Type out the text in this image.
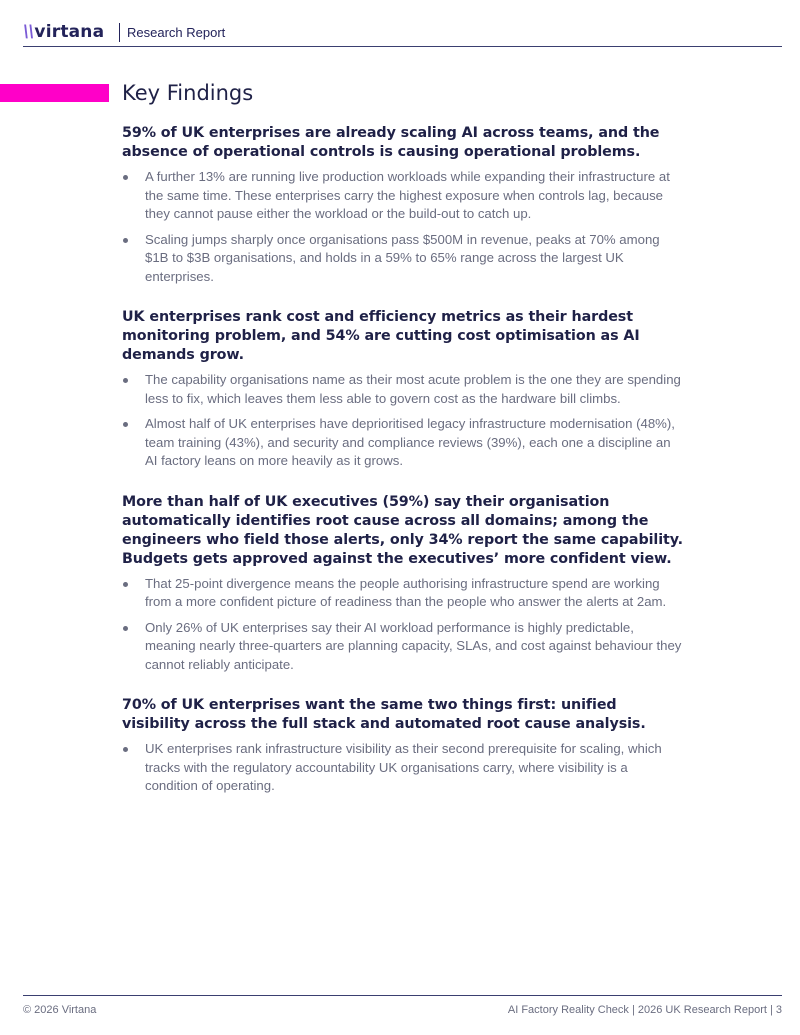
\\virtana Research Report
Key Findings
59% of UK enterprises are already scaling AI across teams, and the absence of operational controls is causing operational problems.
A further 13% are running live production workloads while expanding their infrastructure at the same time. These enterprises carry the highest exposure when controls lag, because they cannot pause either the workload or the build-out to catch up.
Scaling jumps sharply once organisations pass $500M in revenue, peaks at 70% among $1B to $3B organisations, and holds in a 59% to 65% range across the largest UK enterprises.
UK enterprises rank cost and efficiency metrics as their hardest monitoring problem, and 54% are cutting cost optimisation as AI demands grow.
The capability organisations name as their most acute problem is the one they are spending less to fix, which leaves them less able to govern cost as the hardware bill climbs.
Almost half of UK enterprises have deprioritised legacy infrastructure modernisation (48%), team training (43%), and security and compliance reviews (39%), each one a discipline an AI factory leans on more heavily as it grows.
More than half of UK executives (59%) say their organisation automatically identifies root cause across all domains; among the engineers who field those alerts, only 34% report the same capability. Budgets gets approved against the executives’ more confident view.
That 25-point divergence means the people authorising infrastructure spend are working from a more confident picture of readiness than the people who answer the alerts at 2am.
Only 26% of UK enterprises say their AI workload performance is highly predictable, meaning nearly three-quarters are planning capacity, SLAs, and cost against behaviour they cannot reliably anticipate.
70% of UK enterprises want the same two things first: unified visibility across the full stack and automated root cause analysis.
UK enterprises rank infrastructure visibility as their second prerequisite for scaling, which tracks with the regulatory accountability UK organisations carry, where visibility is a condition of operating.
© 2026 Virtana	AI Factory Reality Check | 2026 UK Research Report | 3
